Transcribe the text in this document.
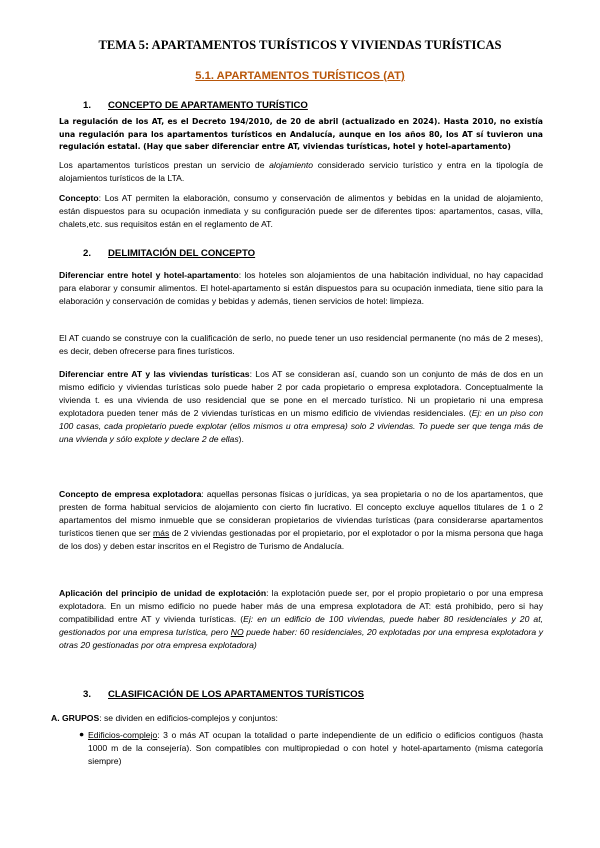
TEMA 5: APARTAMENTOS TURÍSTICOS Y VIVIENDAS TURÍSTICAS

5.1. APARTAMENTOS TURÍSTICOS (AT)

1. CONCEPTO DE APARTAMENTO TURÍSTICO

La regulación de los AT, es el Decreto 194/2010, de 20 de abril (actualizado en 2024). Hasta 2010, no existía una regulación para los apartamentos turísticos en Andalucía, aunque en los años 80, los AT sí tuvieron una regulación estatal. (Hay que saber diferenciar entre AT, viviendas turísticas, hotel y hotel-apartamento)

Los apartamentos turísticos prestan un servicio de alojamiento considerado servicio turístico y entra en la tipología de alojamientos turísticos de la LTA.

Concepto: Los AT permiten la elaboración, consumo y conservación de alimentos y bebidas en la unidad de alojamiento, están dispuestos para su ocupación inmediata y su configuración puede ser de diferentes tipos: apartamentos, casas, villa, chalets,etc. sus requisitos están en el reglamento de AT.

2. DELIMITACIÓN DEL CONCEPTO

Diferenciar entre hotel y hotel-apartamento: los hoteles son alojamientos de una habitación individual, no hay capacidad para elaborar y consumir alimentos. El hotel-apartamento si están dispuestos para su ocupación inmediata, tiene sitio para la elaboración y conservación de comidas y bebidas y además, tienen servicios de hotel: limpieza.

El AT cuando se construye con la cualificación de serlo, no puede tener un uso residencial permanente (no más de 2 meses), es decir, deben ofrecerse para fines turísticos.

Diferenciar entre AT y las viviendas turísticas: Los AT se consideran así, cuando son un conjunto de más de dos en un mismo edificio y viviendas turísticas solo puede haber 2 por cada propietario o empresa explotadora. Conceptualmente la vivienda t. es una vivienda de uso residencial que se pone en el mercado turístico. Ni un propietario ni una empresa explotadora pueden tener más de 2 viviendas turísticas en un mismo edificio de viviendas residenciales. (Ej: en un piso con 100 casas, cada propietario puede explotar (ellos mismos u otra empresa) solo 2 viviendas. To puede ser que tenga más de una vivienda y sólo explote y declare 2 de ellas).

Concepto de empresa explotadora: aquellas personas físicas o jurídicas, ya sea propietaria o no de los apartamentos, que presten de forma habitual servicios de alojamiento con cierto fin lucrativo. El concepto excluye aquellos titulares de 1 o 2 apartamentos del mismo inmueble que se consideran propietarios de viviendas turísticas (para considerarse apartamentos turísticos tienen que ser más de 2 viviendas gestionadas por el propietario, por el explotador o por la misma persona que haga de los dos) y deben estar inscritos en el Registro de Turismo de Andalucía.

Aplicación del principio de unidad de explotación: la explotación puede ser, por el propio propietario o por una empresa explotadora. En un mismo edificio no puede haber más de una empresa explotadora de AT: está prohibido, pero si hay compatibilidad entre AT y vivienda turísticas. (Ej: en un edificio de 100 viviendas, puede haber 80 residenciales y 20 at, gestionados por una empresa turística, pero NO puede haber: 60 residenciales, 20 explotadas por una empresa explotadora y otras 20 gestionadas por otra empresa explotadora)

3. CLASIFICACIÓN DE LOS APARTAMENTOS TURÍSTICOS

A. GRUPOS: se dividen en edificios-complejos y conjuntos:

● Edificios-complejo: 3 o más AT ocupan la totalidad o parte independiente de un edificio o edificios contiguos (hasta 1000 m de la consejería). Son compatibles con multipropiedad o con hotel y hotel-apartamento (misma categoría siempre)
